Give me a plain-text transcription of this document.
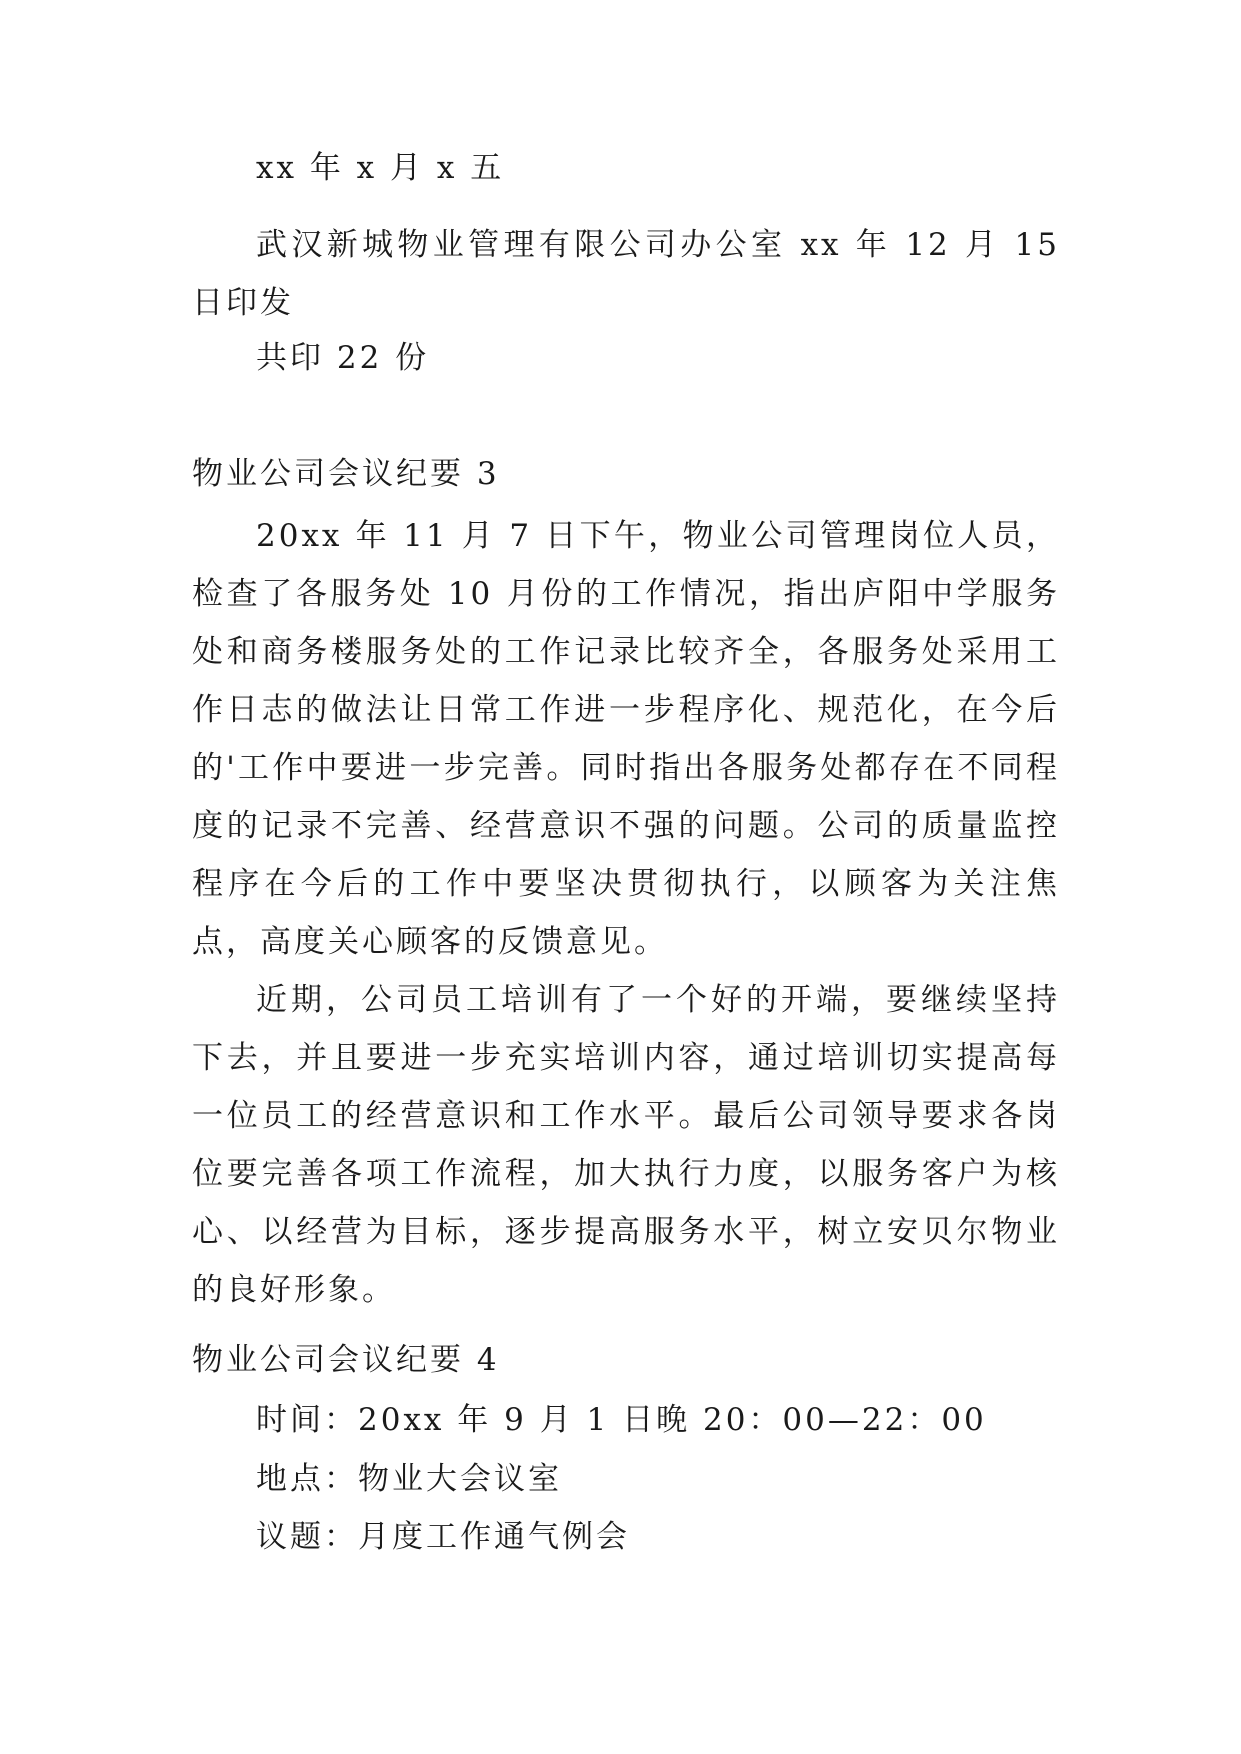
xx 年 x 月 x 五
武汉新城物业管理有限公司办公室 xx 年 12 月 15 日印发
共印 22 份
物业公司会议纪要 3
20xx 年 11 月 7 日下午，物业公司管理岗位人员，检查了各服务处 10 月份的工作情况，指出庐阳中学服务处和商务楼服务处的工作记录比较齐全，各服务处采用工作日志的做法让日常工作进一步程序化、规范化，在今后的'工作中要进一步完善。同时指出各服务处都存在不同程度的记录不完善、经营意识不强的问题。公司的质量监控程序在今后的工作中要坚决贯彻执行，以顾客为关注焦点，高度关心顾客的反馈意见。
近期，公司员工培训有了一个好的开端，要继续坚持下去，并且要进一步充实培训内容，通过培训切实提高每一位员工的经营意识和工作水平。最后公司领导要求各岗位要完善各项工作流程，加大执行力度，以服务客户为核心、以经营为目标，逐步提高服务水平，树立安贝尔物业的良好形象。
物业公司会议纪要 4
时间：20xx 年 9 月 1 日晚 20：00—22：00
地点：物业大会议室
议题：月度工作通气例会
